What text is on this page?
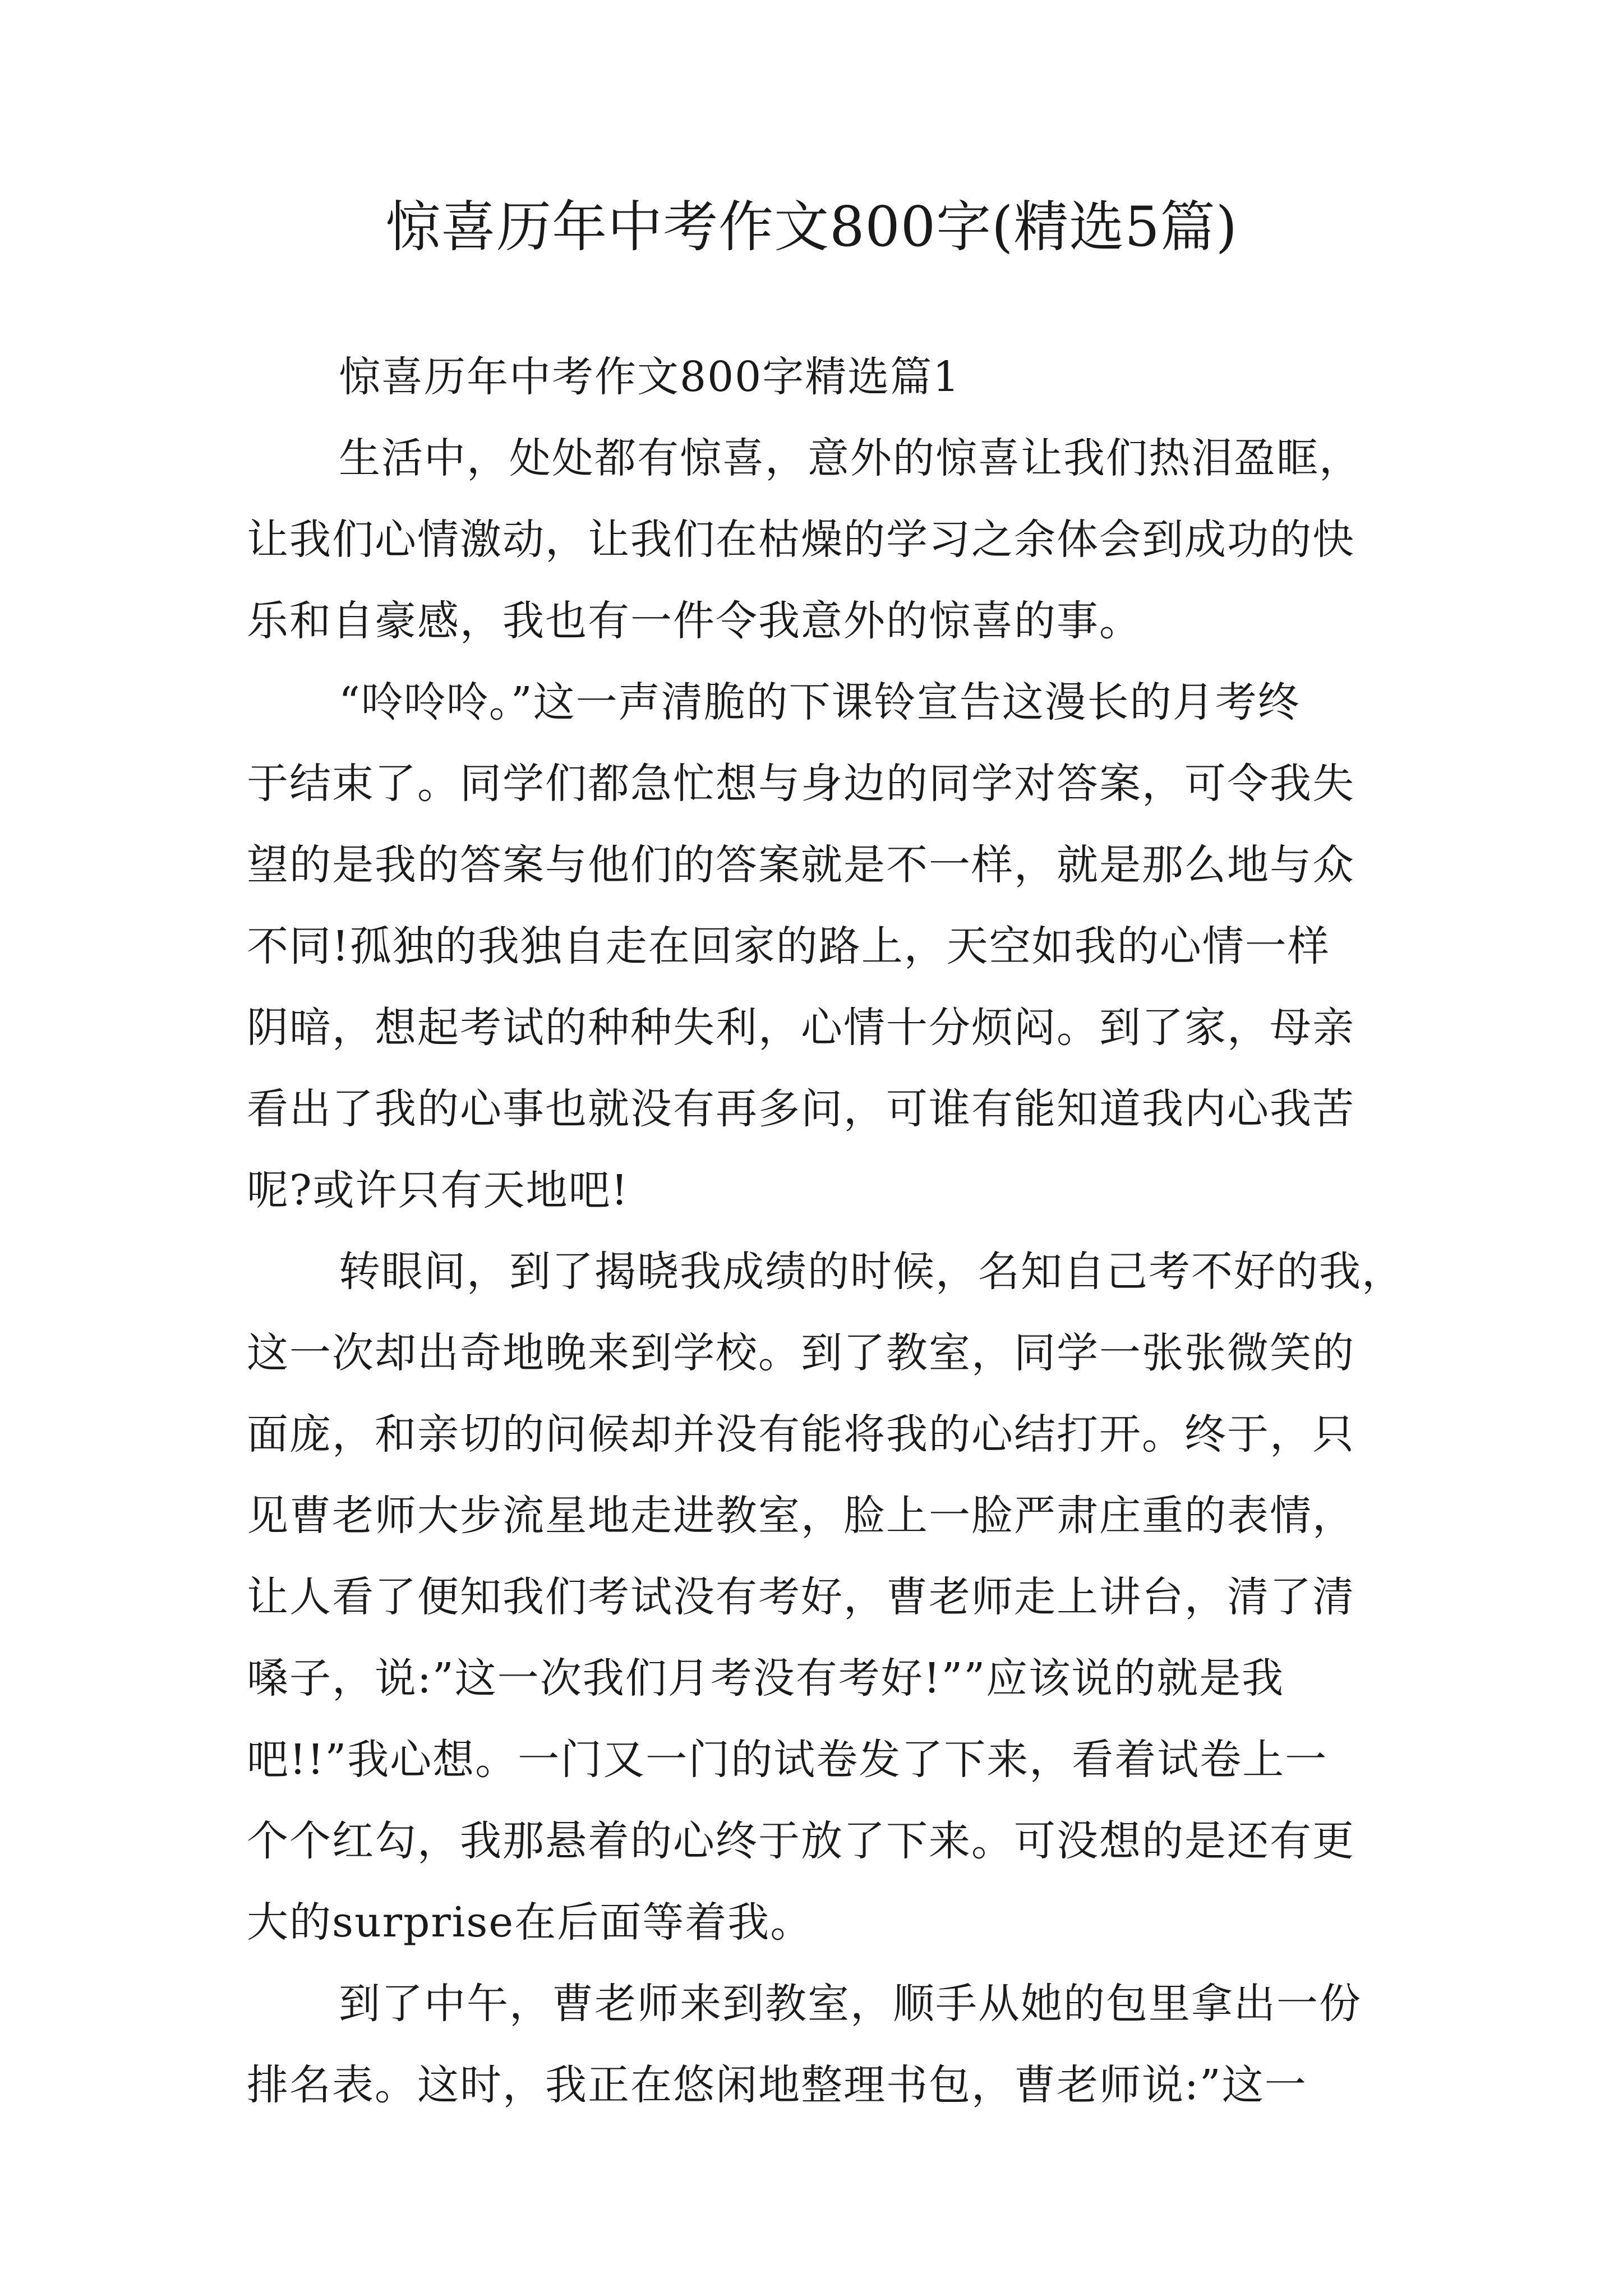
惊喜历年中考作文800字(精选5篇)
惊喜历年中考作文800字精选篇1
生活中，处处都有惊喜，意外的惊喜让我们热泪盈眶，
让我们心情激动，让我们在枯燥的学习之余体会到成功的快
乐和自豪感，我也有一件令我意外的惊喜的事。
“呤呤呤。”这一声清脆的下课铃宣告这漫长的月考终
于结束了。同学们都急忙想与身边的同学对答案，可令我失
望的是我的答案与他们的答案就是不一样，就是那么地与众
不同!孤独的我独自走在回家的路上，天空如我的心情一样
阴暗，想起考试的种种失利，心情十分烦闷。到了家，母亲
看出了我的心事也就没有再多问，可谁有能知道我内心我苦
呢?或许只有天地吧!
转眼间，到了揭晓我成绩的时候，名知自己考不好的我，
这一次却出奇地晚来到学校。到了教室，同学一张张微笑的
面庞，和亲切的问候却并没有能将我的心结打开。终于，只
见曹老师大步流星地走进教室，脸上一脸严肃庄重的表情，
让人看了便知我们考试没有考好，曹老师走上讲台，清了清
嗓子，说:”这一次我们月考没有考好!””应该说的就是我
吧!!”我心想。一门又一门的试卷发了下来，看着试卷上一
个个红勾，我那悬着的心终于放了下来。可没想的是还有更
大的surprise在后面等着我。
到了中午，曹老师来到教室，顺手从她的包里拿出一份
排名表。这时，我正在悠闲地整理书包，曹老师说:”这一
